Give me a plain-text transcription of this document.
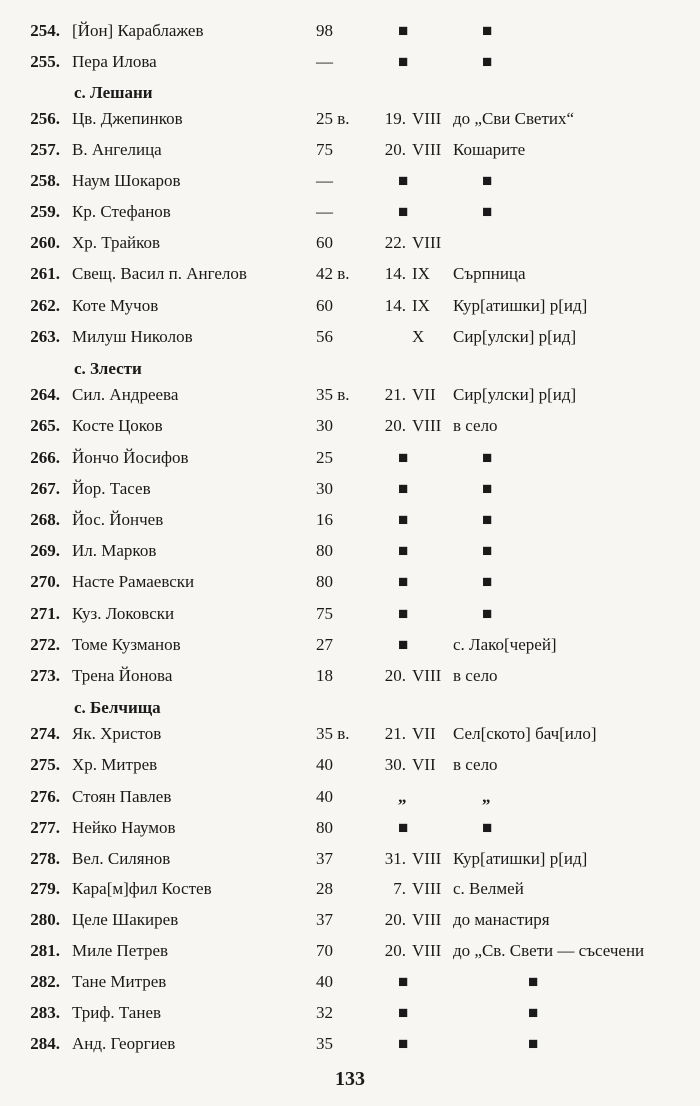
254. [Йон] Караблажев	98	■	■
255. Пера Илова	—	■	■
с. Лешани
256. Цв. Джепинков	25 в.	19. VIII до „Сви Светих“
257. В. Ангелица	75	20. VIII Кошарите
258. Наум Шокаров	—	■	■
259. Кр. Стефанов	—	■	■
260. Хр. Трайков	60	22. VIII
261. Свещ. Васил п. Ангелов	42 в.	14. IX Сърпница
262. Коте Мучов	60	14. IX Кур[атишки] р[ид]
263. Милуш Николов	56	X Сир[улски] р[ид]
с. Злести
264. Сил. Андреева	35 в.	21. VII Сир[улски] р[ид]
265. Косте Цоков	30	20. VIII в село
266. Йончо Йосифов	25	■	■
267. Йор. Тасев	30	■	■
268. Йос. Йончев	16	■	■
269. Ил. Марков	80	■	■
270. Насте Рамаевски	80	■	■
271. Куз. Локовски	75	■	■
272. Томе Кузманов	27	■	с. Лако[черей]
273. Трена Йонова	18	20. VIII в село
с. Белчища
274. Як. Христов	35 в.	21. VII Сел[ското] бач[ило]
275. Хр. Митрев	40	30. VII в село
276. Стоян Павлев	40	„	„
277. Нейко Наумов	80	■	■
278. Вел. Силянов	37	31. VIII Кур[атишки] р[ид]
279. Кара[м]фил Костев	28	7. VIII с. Велмей
280. Целе Шакирев	37	20. VIII до манастиря
281. Миле Петрев	70	20. VIII до „Св. Свети — съсечени
282. Тане Митрев	40	■	■
283. Триф. Танев	32	■	■
284. Анд. Георгиев	35	■	■
133
